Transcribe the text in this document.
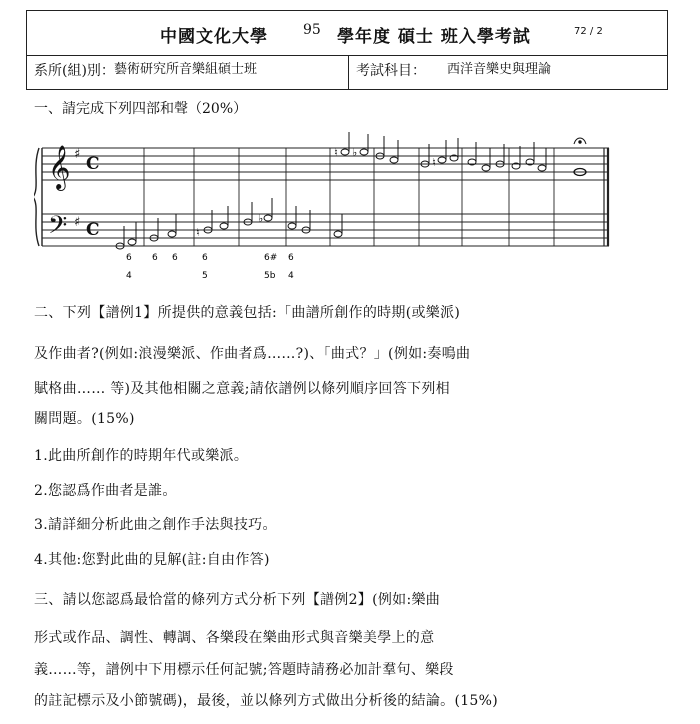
中國文化大學	95 學年度 碩士 班入學考試	72 / 2
系所(組)別： 藝術研究所音樂組碩士班	考試科目： 西洋音樂史與理論
一、請完成下列四部和聲（20%）
𝄞
𝄢
♯
♯
C
C
♮ ♭
♮
♮
♭
6 6 6	6	6# 6
4	5	5b 4
二、下列【譜例1】所提供的意義包括:「曲譜所創作的時期(或樂派)
及作曲者?(例如:浪漫樂派、作曲者爲……?)、「曲式？」(例如:奏鳴曲
賦格曲…… 等)及其他相關之意義;請依譜例以條列順序回答下列相
關問題。(15%)
1.此曲所創作的時期年代或樂派。
2.您認爲作曲者是誰。
3.請詳細分析此曲之創作手法與技巧。
4.其他:您對此曲的見解(註:自由作答)
三、請以您認爲最恰當的條列方式分析下列【譜例2】(例如:樂曲
形式或作品、調性、轉調、各樂段在樂曲形式與音樂美學上的意
義……等，譜例中下用標示任何記號;答題時請務必加計羣句、樂段
的註記標示及小節號碼)，最後，並以條列方式做出分析後的結論。(15%)
